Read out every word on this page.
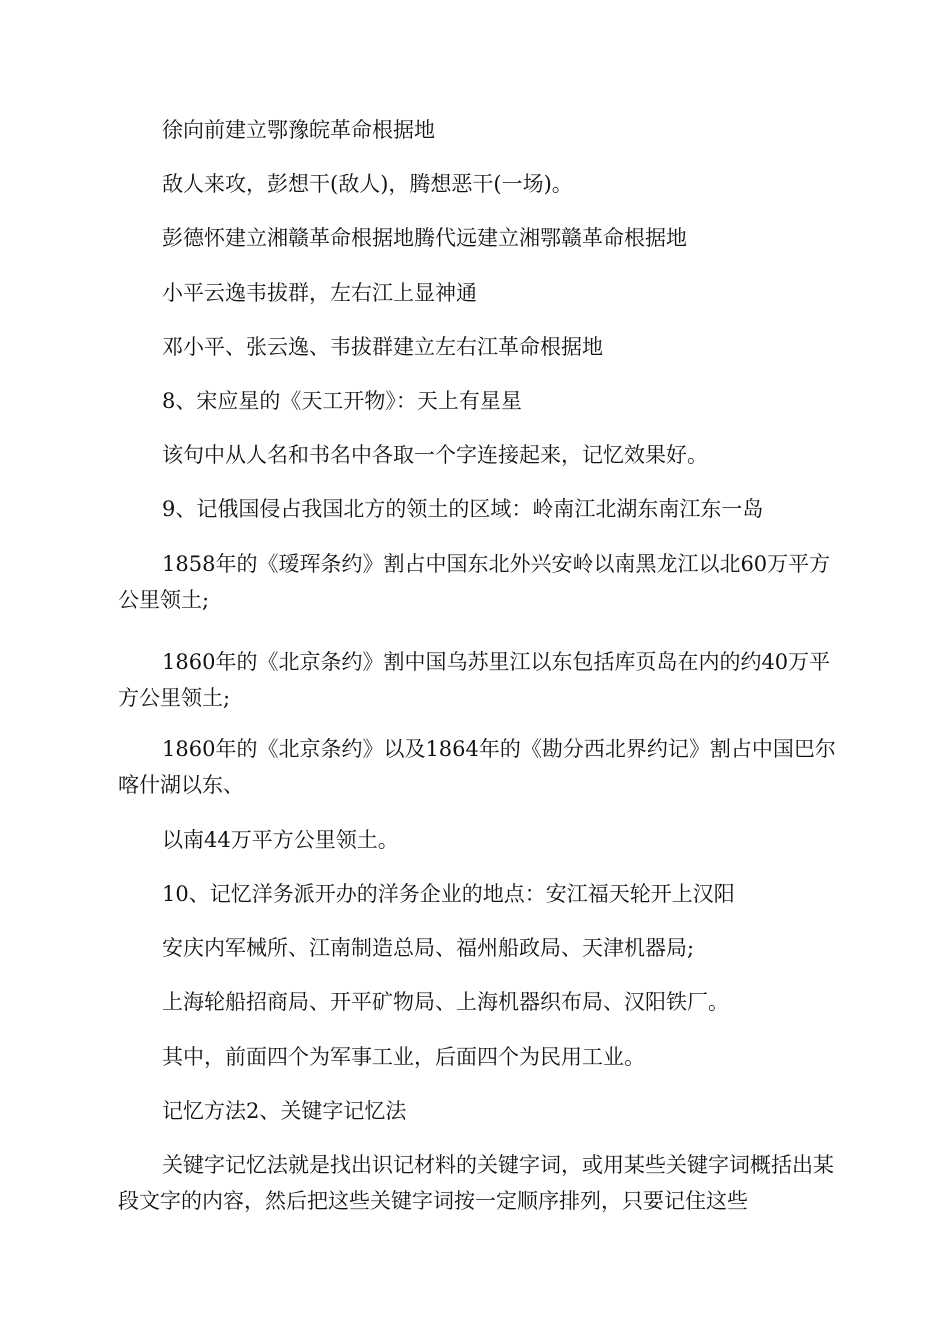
徐向前建立鄂豫皖革命根据地
敌人来攻，彭想干(敌人)，腾想恶干(一场)。
彭德怀建立湘赣革命根据地腾代远建立湘鄂赣革命根据地
小平云逸韦拔群，左右江上显神通
邓小平、张云逸、韦拔群建立左右江革命根据地
8、宋应星的《天工开物》：天上有星星
该句中从人名和书名中各取一个字连接起来，记忆效果好。
9、记俄国侵占我国北方的领土的区域：岭南江北湖东南江东一岛
1858年的《瑷珲条约》割占中国东北外兴安岭以南黑龙江以北60万平方公里领土;
1860年的《北京条约》割中国乌苏里江以东包括库页岛在内的约40万平方公里领土;
1860年的《北京条约》以及1864年的《勘分西北界约记》割占中国巴尔喀什湖以东、
以南44万平方公里领土。
10、记忆洋务派开办的洋务企业的地点：安江福天轮开上汉阳
安庆内军械所、江南制造总局、福州船政局、天津机器局;
上海轮船招商局、开平矿物局、上海机器织布局、汉阳铁厂。
其中，前面四个为军事工业，后面四个为民用工业。
记忆方法2、关键字记忆法
关键字记忆法就是找出识记材料的关键字词，或用某些关键字词概括出某段文字的内容，然后把这些关键字词按一定顺序排列，只要记住这些
